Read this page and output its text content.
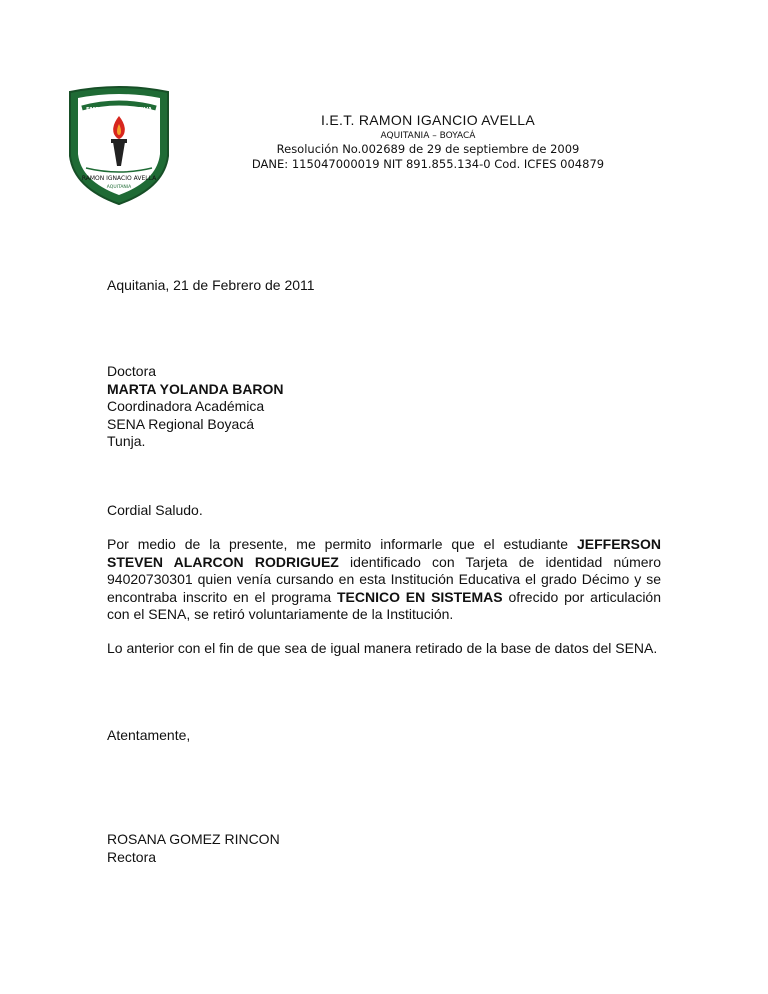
EMPRESA EDUCATIVA
RAMON IGNACIO AVELLA
AQUITANIA
I.E.T. RAMON IGANCIO AVELLA
AQUITANIA – BOYACÁ
Resolución No.002689 de 29 de septiembre de 2009
DANE: 115047000019 NIT 891.855.134-0 Cod. ICFES 004879
Aquitania, 21 de Febrero de 2011
Doctora
MARTA YOLANDA BARON
Coordinadora Académica
SENA Regional Boyacá
Tunja.
Cordial Saludo.
Por medio de la presente, me permito informarle que el estudiante JEFFERSON STEVEN ALARCON RODRIGUEZ identificado con Tarjeta de identidad número 94020730301 quien venía cursando en esta Institución Educativa el grado Décimo y se encontraba inscrito en el programa TECNICO EN SISTEMAS ofrecido por articulación con el SENA, se retiró voluntariamente de la Institución.
Lo anterior con el fin de que sea de igual manera retirado de la base de datos del SENA.
Atentamente,
ROSANA GOMEZ RINCON
Rectora
